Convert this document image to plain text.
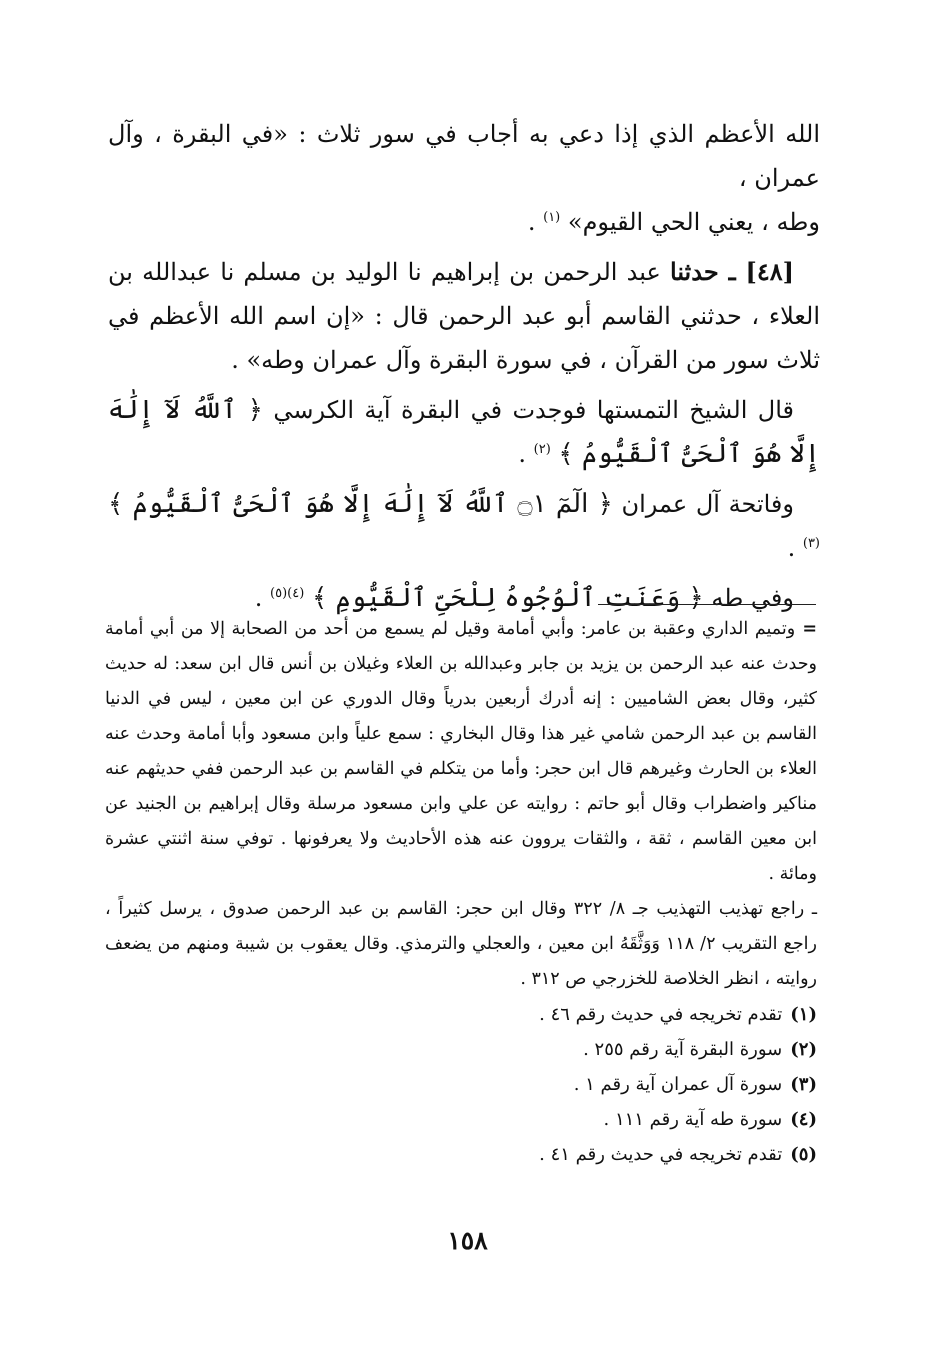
الله الأعظم الذي إذا دعي به أجاب في سور ثلاث : «في البقرة ، وآل عمران ،
وطه ، يعني الحي القيوم» $^{(١)}$ .

[٤٨] ـ حدثنا عبد الرحمن بن إبراهيم نا الوليد بن مسلم نا عبدالله بن العلاء ، حدثني القاسم أبو عبد الرحمن قال : «إن اسم الله الأعظم في ثلاث سور من القرآن ، في سورة البقرة وآل عمران وطه» .

قال الشيخ التمستها فوجدت في البقرة آية الكرسي ﴿ ٱللَّهُ لَآ إِلَٰهَ إِلَّا هُوَ ٱلْحَىُّ ٱلْقَيُّومُ ﴾ $^{(٢)}$ .

وفاتحة آل عمران ﴿ الٓمٓ ۝١ ٱللَّهُ لَآ إِلَٰهَ إِلَّا هُوَ ٱلْحَىُّ ٱلْقَيُّومُ ﴾ $^{(٣)}$ .

وفي طه ﴿ وَعَنَتِ ٱلْوُجُوهُ لِلْحَىِّ ٱلْقَيُّومِ ﴾ $^{(٤)(٥)}$ .

= وتميم الداري وعقبة بن عامر: وأبي أمامة وقيل لم يسمع من أحد من الصحابة إلا من أبي أمامة وحدث عنه عبد الرحمن بن يزيد بن جابر وعبدالله بن العلاء وغيلان بن أنس قال ابن سعد: له حديث كثير، وقال بعض الشاميين : إنه أدرك أربعين بدرياً وقال الدوري عن ابن معين ، ليس في الدنيا القاسم بن عبد الرحمن شامي غير هذا وقال البخاري : سمع علياً وابن مسعود وأبا أمامة وحدث عنه العلاء بن الحارث وغيرهم قال ابن حجر: وأما من يتكلم في القاسم بن عبد الرحمن ففي حديثهم عنه مناكير واضطراب وقال أبو حاتم : روايته عن علي وابن مسعود مرسلة وقال إبراهيم بن الجنيد عن ابن معين القاسم ، ثقة ، والثقات يروون عنه هذه الأحاديث ولا يعرفونها . توفي سنة اثنتي عشرة ومائة .

ـ راجع تهذيب التهذيب جـ ٨/ ٣٢٢ وقال ابن حجر: القاسم بن عبد الرحمن صدوق ، يرسل كثيراً ، راجع التقريب ٢/ ١١٨ وَوَثَّقَهُ ابن معين ، والعجلي والترمذي. وقال يعقوب بن شيبة ومنهم من يضعف روايته ، انظر الخلاصة للخزرجي ص ٣١٢ .

(١)تقدم تخريجه في حديث رقم ٤٦ .
(٢)سورة البقرة آية رقم ٢٥٥ .
(٣)سورة آل عمران آية رقم ١ .
(٤)سورة طه آية رقم ١١١ .
(٥)تقدم تخريجه في حديث رقم ٤١ .
١٥٨
